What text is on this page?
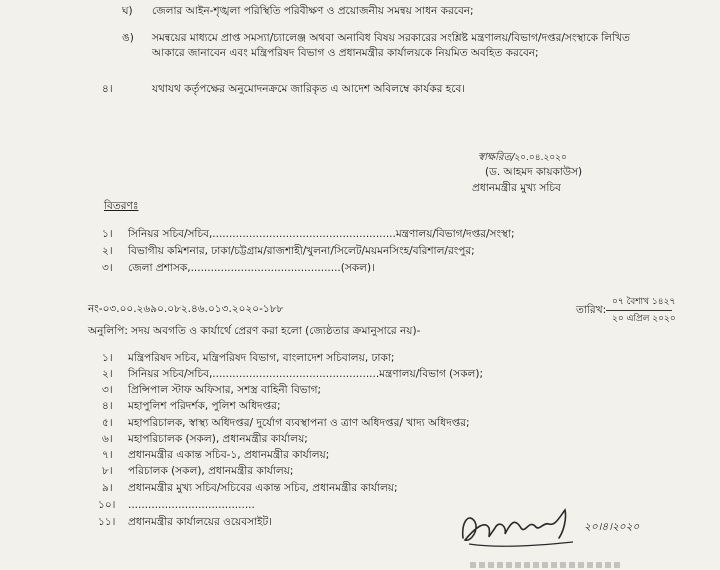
ঘ) জেলার আইন-শৃঙ্খলা পরিস্থিতি পরিবীক্ষণ ও প্রয়োজনীয় সমন্বয় সাধন করবেন;
ঙ) সমন্বয়ের মাধ্যমে প্রাপ্ত সমস্যা/চ্যালেঞ্জ অথবা অনাবিধ বিষয় সরকারের সংশ্লিষ্ট মন্ত্রণালয়/বিভাগ/দপ্তর/সংস্থাকে লিখিত
আকারে জানাবেন এবং মন্ত্রিপরিষদ বিভাগ ও প্রধানমন্ত্রীর কার্যালয়কে নিয়মিত অবহিত করবেন;
৪।	যথাযথ কর্তৃপক্ষের অনুমোদনক্রমে জারিকৃত এ আদেশ অবিলম্বে কার্যকর হবে।
স্বাক্ষরিত/২০.০৪.২০২০
(ড. আহমদ কায়কাউস)
প্রধানমন্ত্রীর মুখ্য সচিব
বিতরণঃ
১। সিনিয়র সচিব/সচিব,.......................................................মন্ত্রণালয়/বিভাগ/দপ্তর/সংস্থা;
২। বিভাগীয় কমিশনার, ঢাকা/চট্টগ্রাম/রাজশাহী/খুলনা/সিলেট/ময়মনসিংহ/বরিশাল/রংপুর;
৩। জেলা প্রশাসক,.............................................(সকল)।
নং-০৩.০০.২৬৯০.০৮২.৪৬.০১৩.২০২০-১৮৮
০৭ বৈশাখ ১৪২৭
তারিখ:
২০ এপ্রিল ২০২০
অনুলিপি: সদয় অবগতি ও কার্যার্থে প্রেরণ করা হলো (জ্যেষ্ঠতার ক্রমানুসারে নয়)-
১। মন্ত্রিপরিষদ সচিব, মন্ত্রিপরিষদ বিভাগ, বাংলাদেশ সচিবালয়, ঢাকা;
২। সিনিয়র সচিব/সচিব,..................................................মন্ত্রণালয়/বিভাগ (সকল);
৩। প্রিন্সিপাল স্টাফ অফিসার, সশস্ত্র বাহিনী বিভাগ;
৪। মহাপুলিশ পরিদর্শক, পুলিশ অধিদপ্তর;
৫। মহাপরিচালক, স্বাস্থ্য অধিদপ্তর/ দুর্যোগ ব্যবস্থাপনা ও ত্রাণ অধিদপ্তর/ খাদ্য অধিদপ্তর;
৬। মহাপরিচালক (সকল), প্রধানমন্ত্রীর কার্যালয়;
৭। প্রধানমন্ত্রীর একান্ত সচিব-১, প্রধানমন্ত্রীর কার্যালয়;
৮। পরিচালক (সকল), প্রধানমন্ত্রীর কার্যালয়;
৯। প্রধানমন্ত্রীর মুখ্য সচিব/সচিবের একান্ত সচিব, প্রধানমন্ত্রীর কার্যালয়;
১০। ......................................
১১। প্রধানমন্ত্রীর কার্যালয়ের ওয়েবসাইট।	২০।৪।২০২০
